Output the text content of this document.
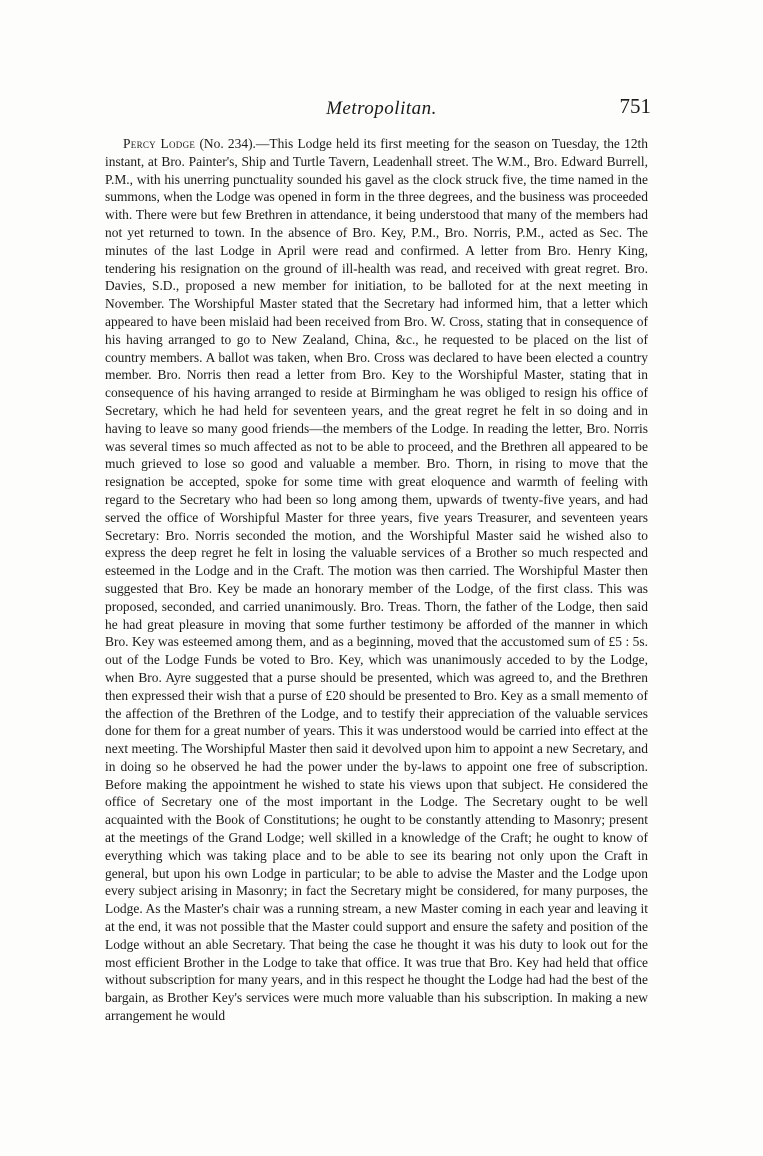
Metropolitan.	751

Percy Lodge (No. 234).—This Lodge held its first meeting for the season on Tuesday, the 12th instant, at Bro. Painter's, Ship and Turtle Tavern, Leadenhall street. The W.M., Bro. Edward Burrell, P.M., with his unerring punctuality sounded his gavel as the clock struck five, the time named in the summons, when the Lodge was opened in form in the three degrees, and the business was proceeded with. There were but few Brethren in attendance, it being understood that many of the members had not yet returned to town. In the absence of Bro. Key, P.M., Bro. Norris, P.M., acted as Sec. The minutes of the last Lodge in April were read and confirmed. A letter from Bro. Henry King, tendering his resignation on the ground of ill-health was read, and received with great regret. Bro. Davies, S.D., proposed a new member for initiation, to be balloted for at the next meeting in November. The Worshipful Master stated that the Secretary had informed him, that a letter which appeared to have been mislaid had been received from Bro. W. Cross, stating that in consequence of his having arranged to go to New Zealand, China, &c., he requested to be placed on the list of country members. A ballot was taken, when Bro. Cross was declared to have been elected a country member. Bro. Norris then read a letter from Bro. Key to the Worshipful Master, stating that in consequence of his having arranged to reside at Birmingham he was obliged to resign his office of Secretary, which he had held for seventeen years, and the great regret he felt in so doing and in having to leave so many good friends—the members of the Lodge. In reading the letter, Bro. Norris was several times so much affected as not to be able to proceed, and the Brethren all appeared to be much grieved to lose so good and valuable a member. Bro. Thorn, in rising to move that the resignation be accepted, spoke for some time with great eloquence and warmth of feeling with regard to the Secretary who had been so long among them, upwards of twenty-five years, and had served the office of Worshipful Master for three years, five years Treasurer, and seventeen years Secretary: Bro. Norris seconded the motion, and the Worshipful Master said he wished also to express the deep regret he felt in losing the valuable services of a Brother so much respected and esteemed in the Lodge and in the Craft. The motion was then carried. The Worshipful Master then suggested that Bro. Key be made an honorary member of the Lodge, of the first class. This was proposed, seconded, and carried unanimously. Bro. Treas. Thorn, the father of the Lodge, then said he had great pleasure in moving that some further testimony be afforded of the manner in which Bro. Key was esteemed among them, and as a beginning, moved that the accustomed sum of £5 : 5s. out of the Lodge Funds be voted to Bro. Key, which was unanimously acceded to by the Lodge, when Bro. Ayre suggested that a purse should be presented, which was agreed to, and the Brethren then expressed their wish that a purse of £20 should be presented to Bro. Key as a small memento of the affection of the Brethren of the Lodge, and to testify their appreciation of the valuable services done for them for a great number of years. This it was understood would be carried into effect at the next meeting. The Worshipful Master then said it devolved upon him to appoint a new Secretary, and in doing so he observed he had the power under the by-laws to appoint one free of subscription. Before making the appointment he wished to state his views upon that subject. He considered the office of Secretary one of the most important in the Lodge. The Secretary ought to be well acquainted with the Book of Constitutions; he ought to be constantly attending to Masonry; present at the meetings of the Grand Lodge; well skilled in a knowledge of the Craft; he ought to know of everything which was taking place and to be able to see its bearing not only upon the Craft in general, but upon his own Lodge in particular; to be able to advise the Master and the Lodge upon every subject arising in Masonry; in fact the Secretary might be considered, for many purposes, the Lodge. As the Master's chair was a running stream, a new Master coming in each year and leaving it at the end, it was not possible that the Master could support and ensure the safety and position of the Lodge without an able Secretary. That being the case he thought it was his duty to look out for the most efficient Brother in the Lodge to take that office. It was true that Bro. Key had held that office without subscription for many years, and in this respect he thought the Lodge had had the best of the bargain, as Brother Key's services were much more valuable than his subscription. In making a new arrangement he would
